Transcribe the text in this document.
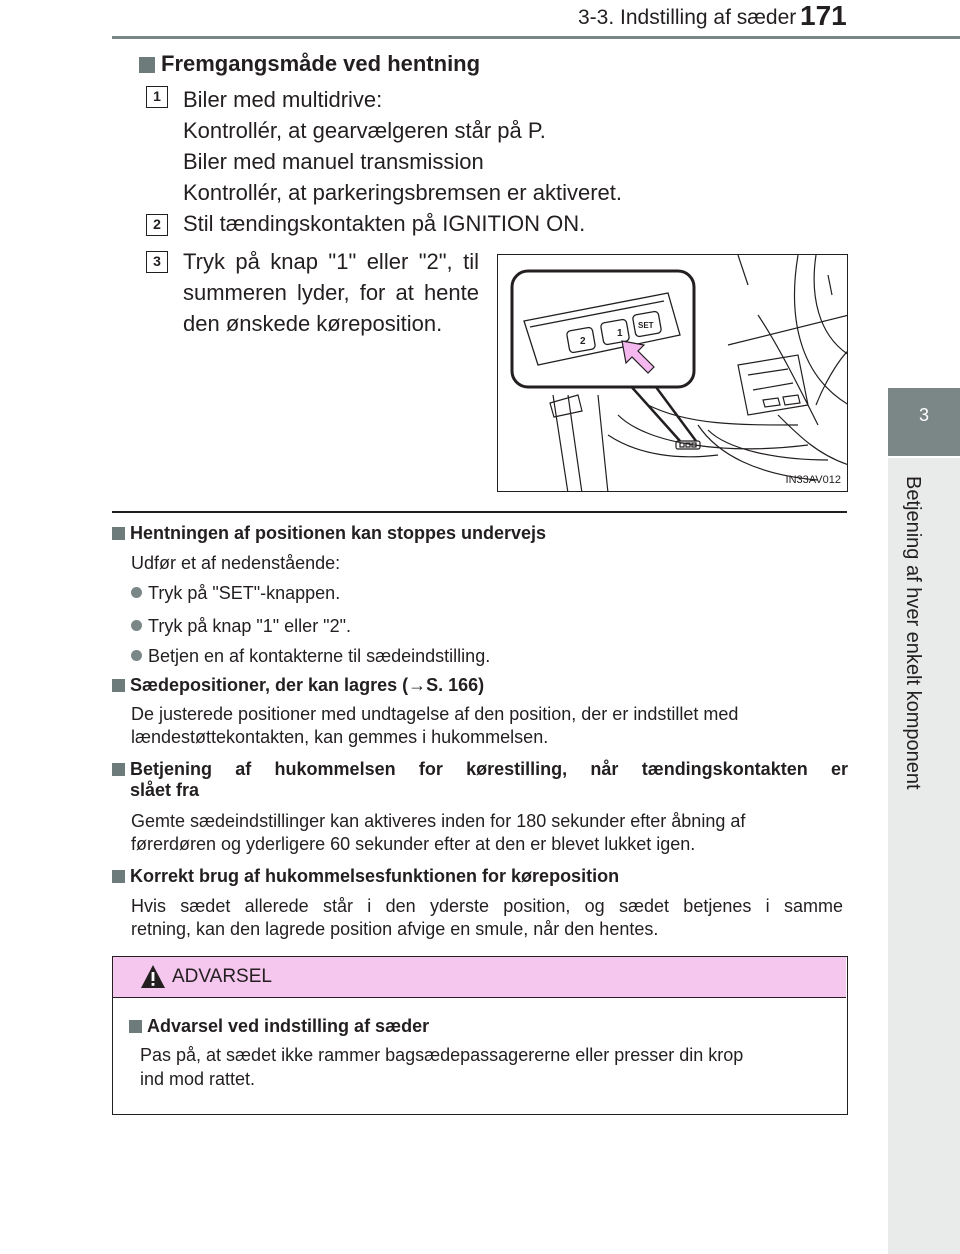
3-3. Indstilling af sæder 171
3
Betjening af hver enkelt komponent
Fremgangsmåde ved hentning
1	Biler med multidrive:
Kontrollér, at gearvælgeren står på P.
Biler med manuel transmission
Kontrollér, at parkeringsbremsen er aktiveret.
2	Stil tændingskontakten på IGNITION ON.
3	Tryk på knap "1" eller "2", til
summeren lyder, for at hente
den ønskede køreposition.
2
1
SET
IN33AV012
Hentningen af positionen kan stoppes undervejs
Udfør et af nedenstående:
Tryk på "SET"-knappen.
Tryk på knap "1" eller "2".
Betjen en af kontakterne til sædeindstilling.
Sædepositioner, der kan lagres (→S. 166)
De justerede positioner med undtagelse af den position, der er indstillet med
lændestøttekontakten, kan gemmes i hukommelsen.
Betjening af hukommelsen for kørestilling, når tændingskontakten er
slået fra
Gemte sædeindstillinger kan aktiveres inden for 180 sekunder efter åbning af
førerdøren og yderligere 60 sekunder efter at den er blevet lukket igen.
Korrekt brug af hukommelsesfunktionen for køreposition
Hvis sædet allerede står i den yderste position, og sædet betjenes i samme
retning, kan den lagrede position afvige en smule, når den hentes.
ADVARSEL
Advarsel ved indstilling af sæder
Pas på, at sædet ikke rammer bagsædepassagererne eller presser din krop
ind mod rattet.
